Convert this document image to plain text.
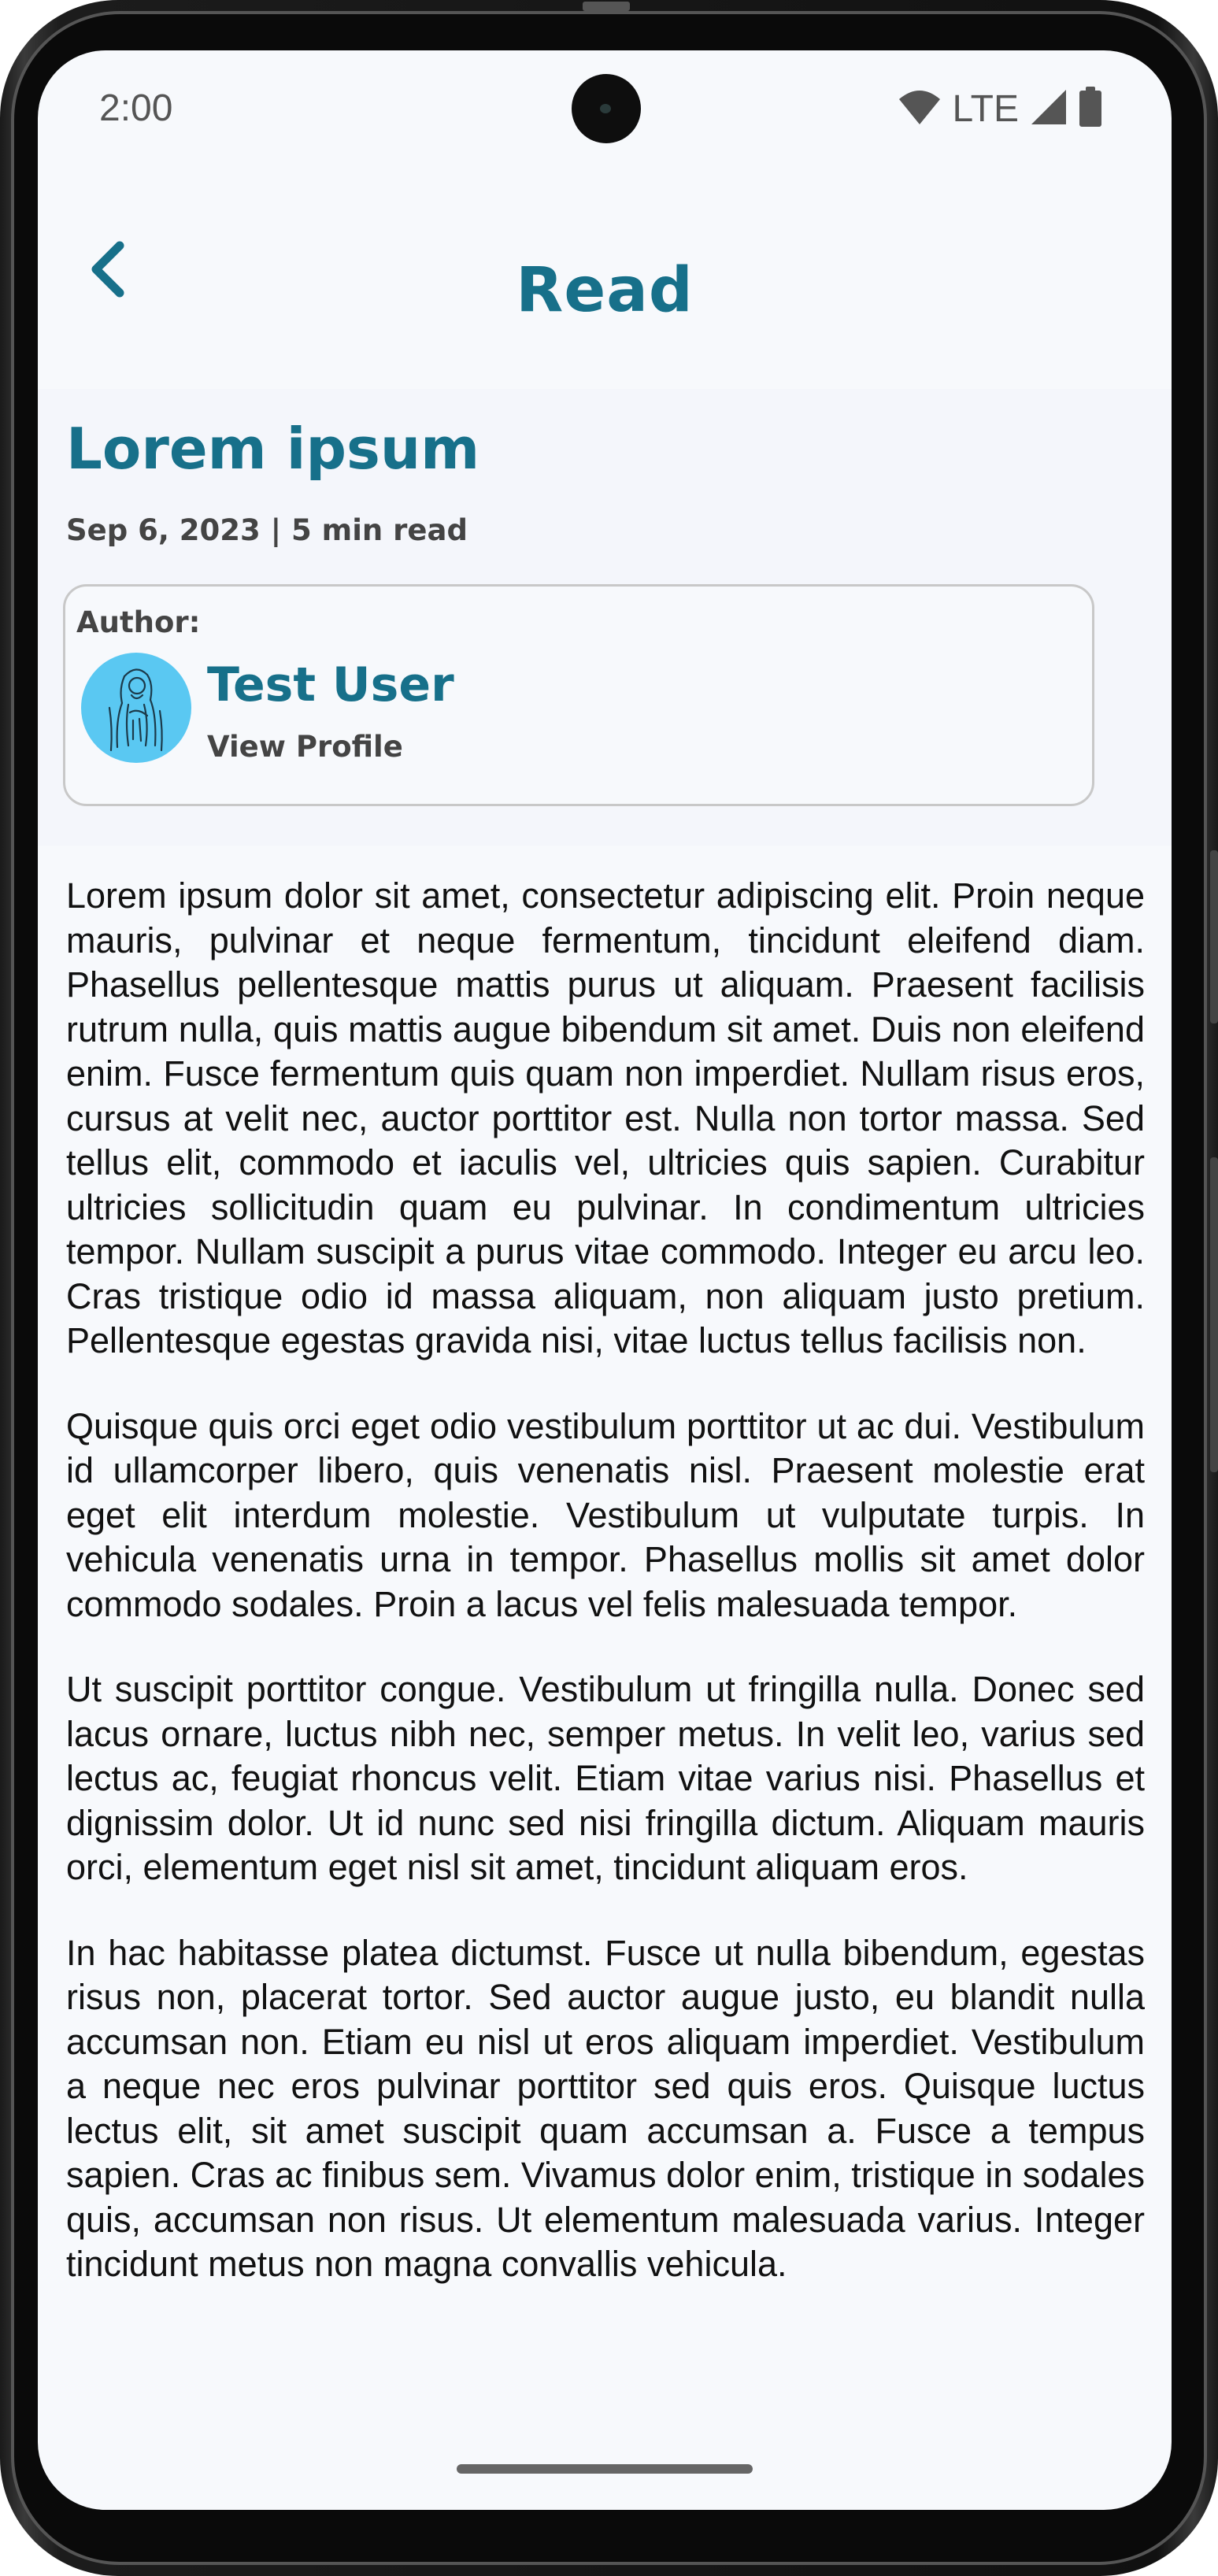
2:00	LTE
Read
Lorem ipsum
Sep 6, 2023 | 5 min read
Author:
Test User
View Profile

Lorem ipsum dolor sit amet, consectetur adipiscing elit. Proin neque mauris, pulvinar et neque fermentum, tincidunt eleifend diam. Phasellus pellentesque mattis purus ut aliquam. Praesent facilisis rutrum nulla, quis mattis augue bibendum sit amet. Duis non eleifend enim. Fusce fermentum quis quam non imperdiet. Nullam risus eros, cursus at velit nec, auctor porttitor est. Nulla non tortor massa. Sed tellus elit, commodo et iaculis vel, ultricies quis sapien. Curabitur ultricies sollicitudin quam eu pulvinar. In condimentum ultricies tempor. Nullam suscipit a purus vitae commodo. Integer eu arcu leo. Cras tristique odio id massa aliquam, non aliquam justo pretium. Pellentesque egestas gravida nisi, vitae luctus tellus facilisis non.

Quisque quis orci eget odio vestibulum porttitor ut ac dui. Vestibulum id ullamcorper libero, quis venenatis nisl. Praesent molestie erat eget elit interdum molestie. Vestibulum ut vulputate turpis. In vehicula venenatis urna in tempor. Phasellus mollis sit amet dolor commodo sodales. Proin a lacus vel felis malesuada tempor.

Ut suscipit porttitor congue. Vestibulum ut fringilla nulla. Donec sed lacus ornare, luctus nibh nec, semper metus. In velit leo, varius sed lectus ac, feugiat rhoncus velit. Etiam vitae varius nisi. Phasellus et dignissim dolor. Ut id nunc sed nisi fringilla dictum. Aliquam mauris orci, elementum eget nisl sit amet, tincidunt aliquam eros.

In hac habitasse platea dictumst. Fusce ut nulla bibendum, egestas risus non, placerat tortor. Sed auctor augue justo, eu blandit nulla accumsan non. Etiam eu nisl ut eros aliquam imperdiet. Vestibulum a neque nec eros pulvinar porttitor sed quis eros. Quisque luctus lectus elit, sit amet suscipit quam accumsan a. Fusce a tempus sapien. Cras ac finibus sem. Vivamus dolor enim, tristique in sodales quis, accumsan non risus. Ut elementum malesuada varius. Integer tincidunt metus non magna convallis vehicula.
